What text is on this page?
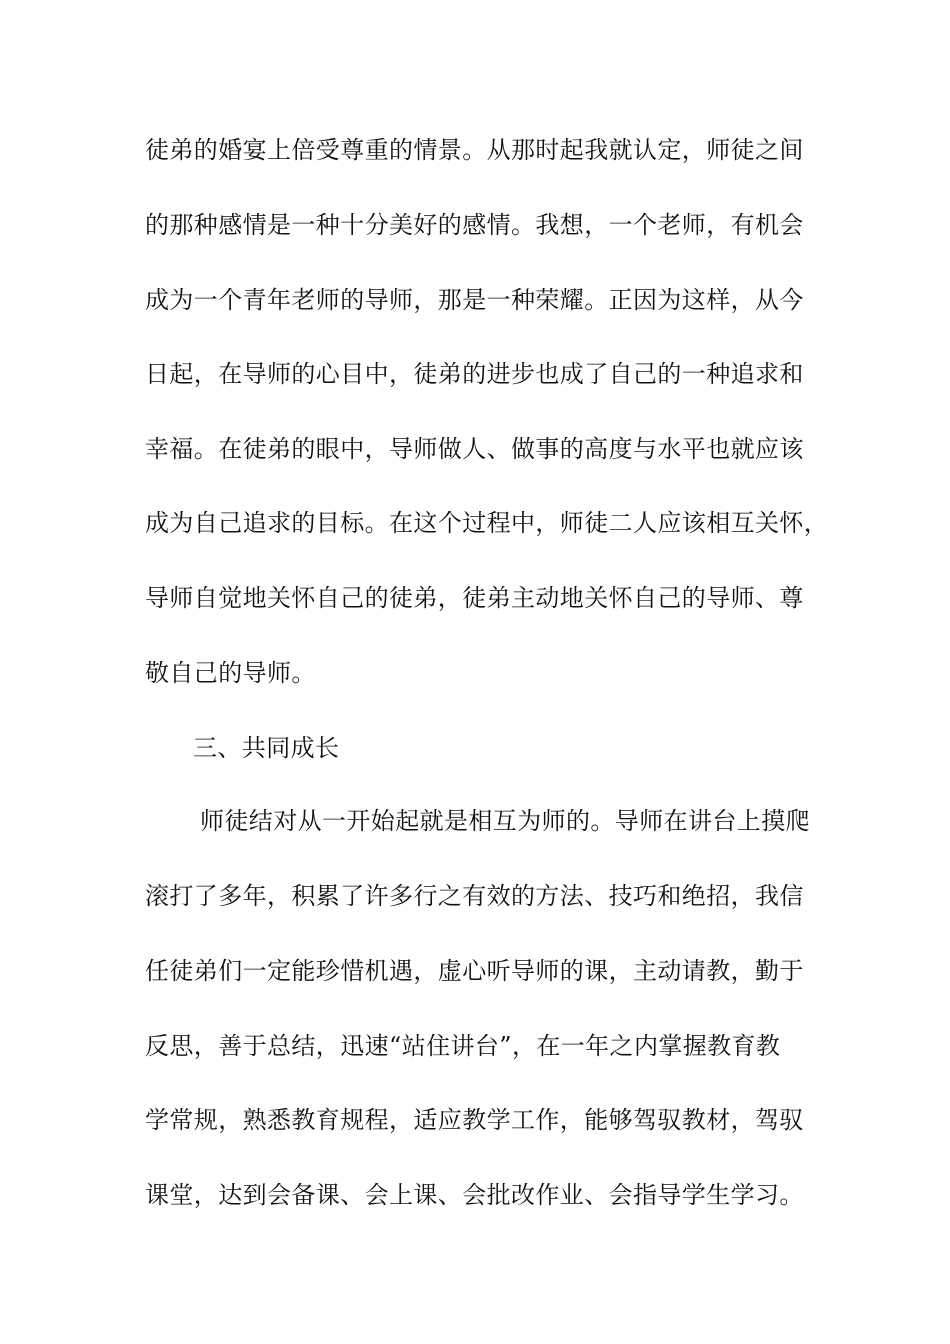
徒弟的婚宴上倍受尊重的情景。从那时起我就认定，师徒之间
的那种感情是一种十分美好的感情。我想，一个老师，有机会
成为一个青年老师的导师，那是一种荣耀。正因为这样，从今
日起，在导师的心目中，徒弟的进步也成了自己的一种追求和
幸福。在徒弟的眼中，导师做人、做事的高度与水平也就应该
成为自己追求的目标。在这个过程中，师徒二人应该相互关怀，
导师自觉地关怀自己的徒弟，徒弟主动地关怀自己的导师、尊
敬自己的导师。
三、共同成长
师徒结对从一开始起就是相互为师的。导师在讲台上摸爬
滚打了多年，积累了许多行之有效的方法、技巧和绝招，我信
任徒弟们一定能珍惜机遇，虚心听导师的课，主动请教，勤于
反思，善于总结，迅速“站住讲台”，在一年之内掌握教育教
学常规，熟悉教育规程，适应教学工作，能够驾驭教材，驾驭
课堂，达到会备课、会上课、会批改作业、会指导学生学习。
